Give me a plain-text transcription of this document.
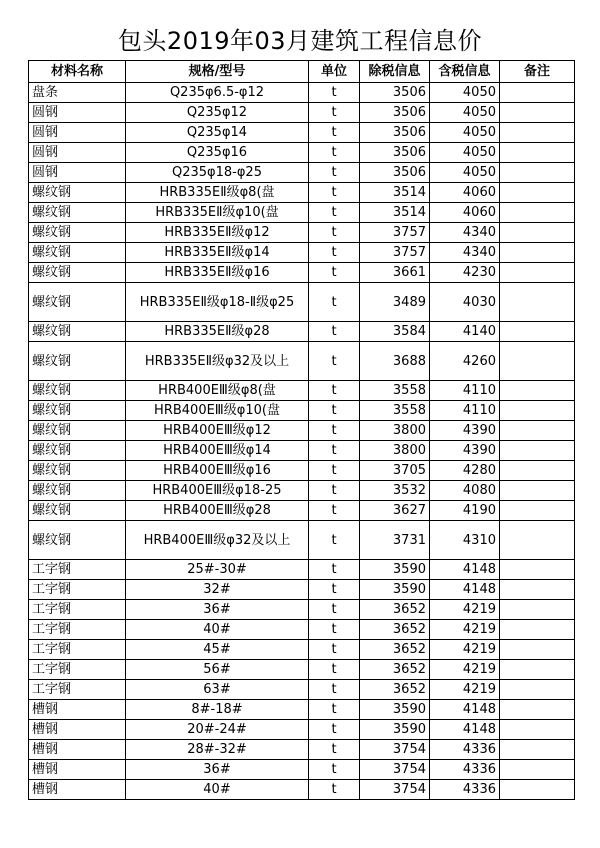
包头2019年03月建筑工程信息价
材料名称	规格/型号	单位	除税信息	含税信息	备注
盘条	Q235φ6.5-φ12	t	3506	4050	
圆钢	Q235φ12	t	3506	4050	
圆钢	Q235φ14	t	3506	4050	
圆钢	Q235φ16	t	3506	4050	
圆钢	Q235φ18-φ25	t	3506	4050	
螺纹钢	HRB335EⅡ级φ8(盘	t	3514	4060	
螺纹钢	HRB335EⅡ级φ10(盘	t	3514	4060	
螺纹钢	HRB335EⅡ级φ12	t	3757	4340	
螺纹钢	HRB335EⅡ级φ14	t	3757	4340	
螺纹钢	HRB335EⅡ级φ16	t	3661	4230	
螺纹钢	HRB335EⅡ级φ18-Ⅱ级φ25	t	3489	4030	
螺纹钢	HRB335EⅡ级φ28	t	3584	4140	
螺纹钢	HRB335EⅡ级φ32及以上	t	3688	4260	
螺纹钢	HRB400EⅢ级φ8(盘	t	3558	4110	
螺纹钢	HRB400EⅢ级φ10(盘	t	3558	4110	
螺纹钢	HRB400EⅢ级φ12	t	3800	4390	
螺纹钢	HRB400EⅢ级φ14	t	3800	4390	
螺纹钢	HRB400EⅢ级φ16	t	3705	4280	
螺纹钢	HRB400EⅢ级φ18-25	t	3532	4080	
螺纹钢	HRB400EⅢ级φ28	t	3627	4190	
螺纹钢	HRB400EⅢ级φ32及以上	t	3731	4310	
工字钢	25#-30#	t	3590	4148	
工字钢	32#	t	3590	4148	
工字钢	36#	t	3652	4219	
工字钢	40#	t	3652	4219	
工字钢	45#	t	3652	4219	
工字钢	56#	t	3652	4219	
工字钢	63#	t	3652	4219	
槽钢	8#-18#	t	3590	4148	
槽钢	20#-24#	t	3590	4148	
槽钢	28#-32#	t	3754	4336	
槽钢	36#	t	3754	4336	
槽钢	40#	t	3754	4336	
